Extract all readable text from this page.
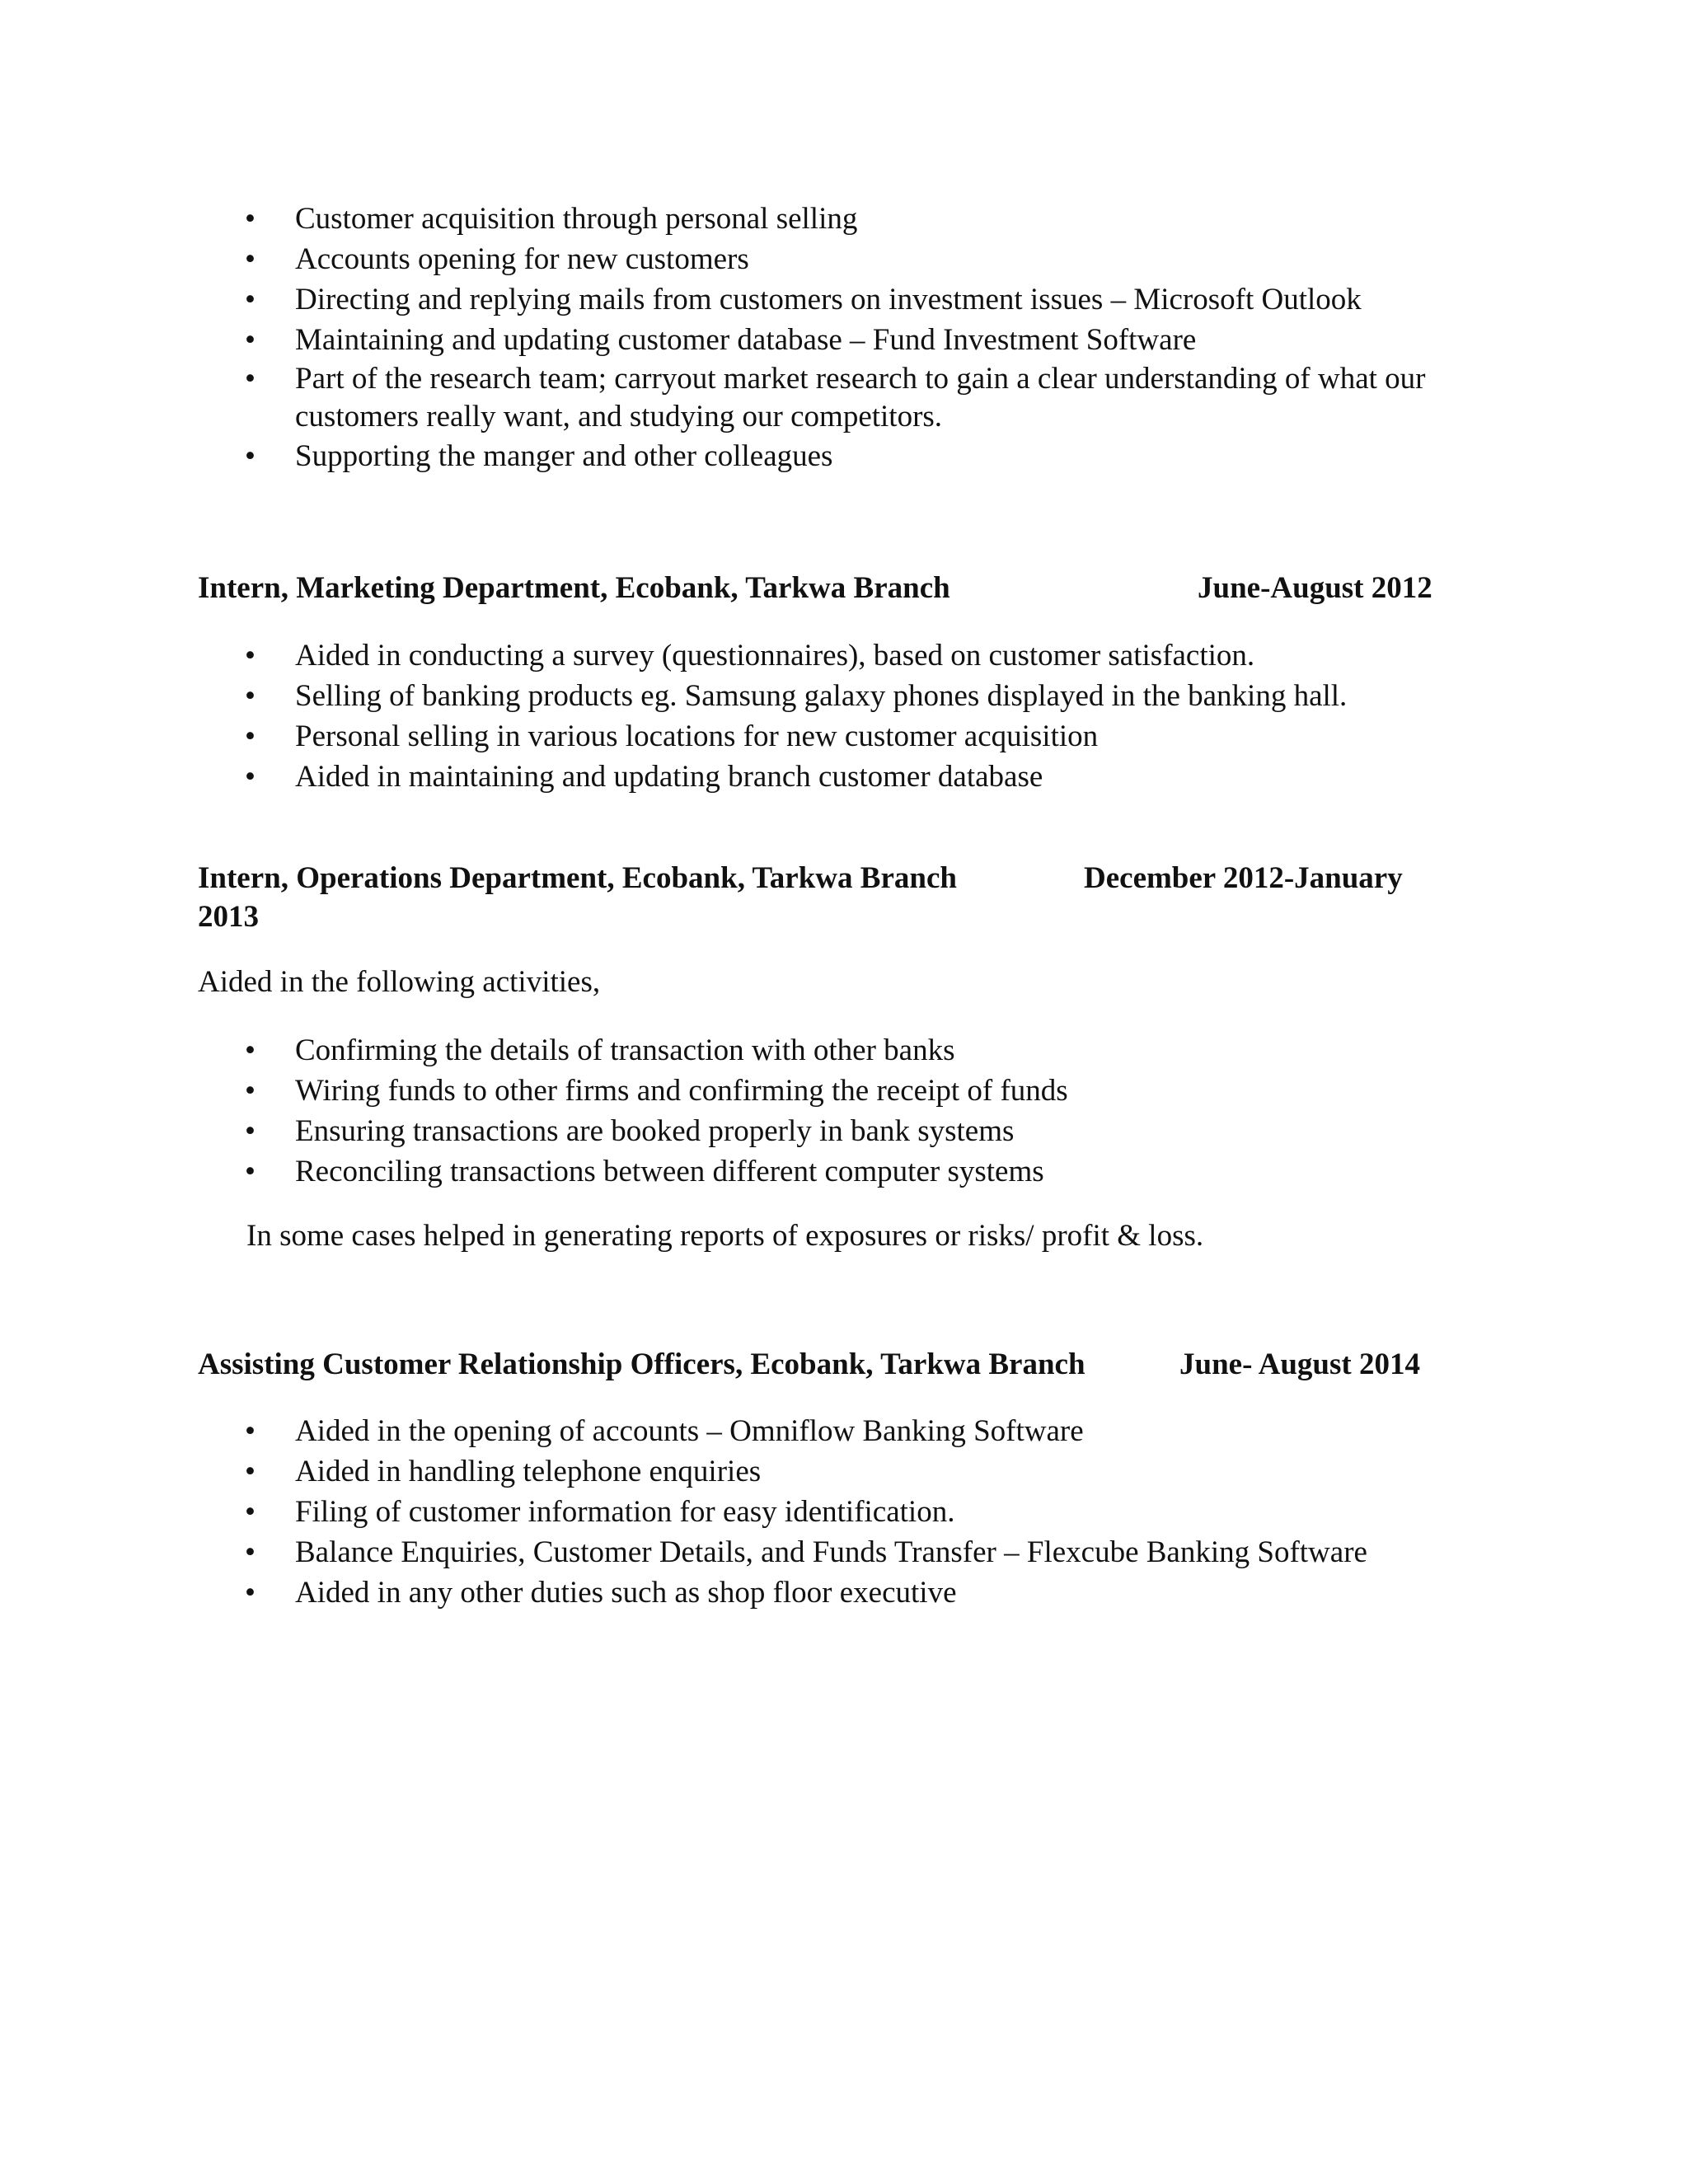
• Customer acquisition through personal selling
• Accounts opening for new customers
• Directing and replying mails from customers on investment issues – Microsoft Outlook
• Maintaining and updating customer database – Fund Investment Software
• Part of the research team; carryout market research to gain a clear understanding of what our customers really want, and studying our competitors.
• Supporting the manger and other colleagues
Intern, Marketing Department, Ecobank, Tarkwa Branch	June-August 2012
• Aided in conducting a survey (questionnaires), based on customer satisfaction.
• Selling of banking products eg. Samsung galaxy phones displayed in the banking hall.
• Personal selling in various locations for new customer acquisition
• Aided in maintaining and updating branch customer database
Intern, Operations Department, Ecobank, Tarkwa Branch	December 2012-January
2013
Aided in the following activities,
• Confirming the details of transaction with other banks
• Wiring funds to other firms and confirming the receipt of funds
• Ensuring transactions are booked properly in bank systems
• Reconciling transactions between different computer systems
In some cases helped in generating reports of exposures or risks/ profit & loss.
Assisting Customer Relationship Officers, Ecobank, Tarkwa Branch	June- August 2014
• Aided in the opening of accounts – Omniflow Banking Software
• Aided in handling telephone enquiries
• Filing of customer information for easy identification.
• Balance Enquiries, Customer Details, and Funds Transfer – Flexcube Banking Software
• Aided in any other duties such as shop floor executive
